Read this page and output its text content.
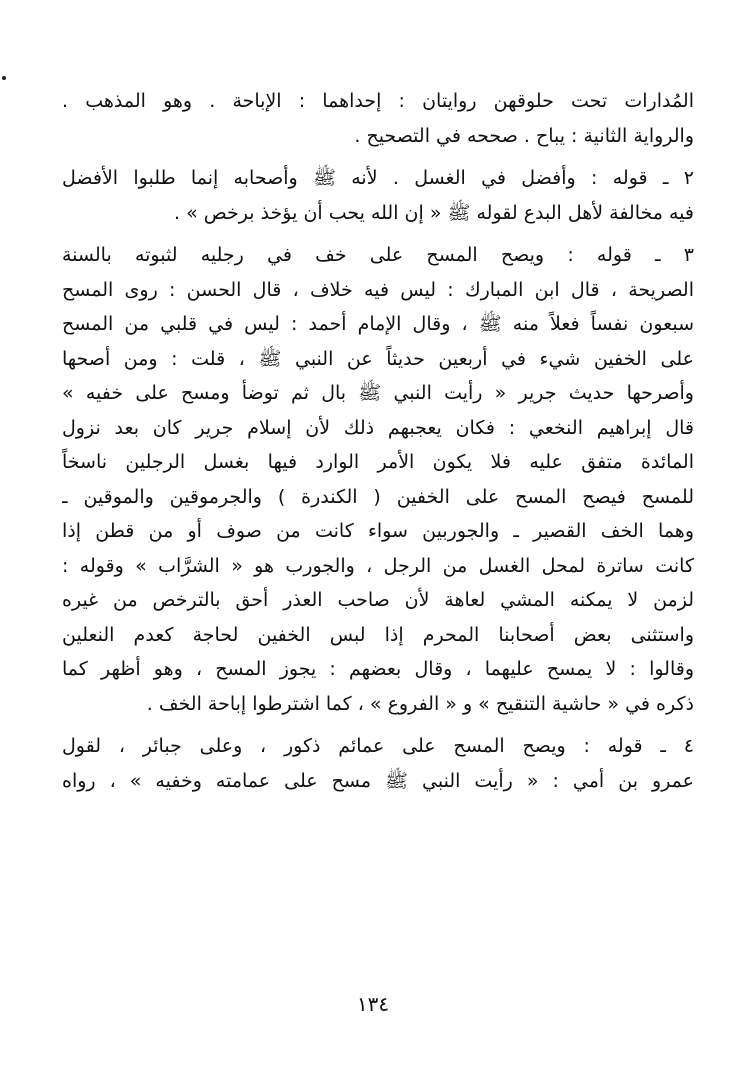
المُدارات تحت حلوقهن روايتان : إحداهما : الإباحة . وهو المذهب .
والرواية الثانية : يباح . صححه في التصحيح .
٢ ـ قوله : وأفضل في الغسل . لأنه ﷺ وأصحابه إنما طلبوا الأفضل
فيه مخالفة لأهل البدع لقوله ﷺ « إن الله يحب أن يؤخذ برخص » .
٣ ـ قوله : ويصح المسح على خف في رجليه لثبوته بالسنة
الصريحة ، قال ابن المبارك : ليس فيه خلاف ، قال الحسن : روى المسح
سبعون نفساً فعلاً منه ﷺ ، وقال الإمام أحمد : ليس في قلبي من المسح
على الخفين شيء في أربعين حديثاً عن النبي ﷺ ، قلت : ومن أصحها
وأصرحها حديث جرير « رأيت النبي ﷺ بال ثم توضأ ومسح على خفيه »
قال إبراهيم النخعي : فكان يعجبهم ذلك لأن إسلام جرير كان بعد نزول
المائدة متفق عليه فلا يكون الأمر الوارد فيها بغسل الرجلين ناسخاً
للمسح فيصح المسح على الخفين ( الكندرة ) والجرموقين والموقين ـ
وهما الخف القصير ـ والجوربين سواء كانت من صوف أو من قطن إذا
كانت ساترة لمحل الغسل من الرجل ، والجورب هو « الشرَّاب » وقوله :
لزمن لا يمكنه المشي لعاهة لأن صاحب العذر أحق بالترخص من غيره
واستثنى بعض أصحابنا المحرم إذا لبس الخفين لحاجة كعدم النعلين
وقالوا : لا يمسح عليهما ، وقال بعضهم : يجوز المسح ، وهو أظهر كما
ذكره في « حاشية التنقيح » و « الفروع » ، كما اشترطوا إباحة الخف .
٤ ـ قوله : ويصح المسح على عمائم ذكور ، وعلى جبائر ، لقول
عمرو بن أمي : « رأيت النبي ﷺ مسح على عمامته وخفيه » ، رواه
١٣٤
